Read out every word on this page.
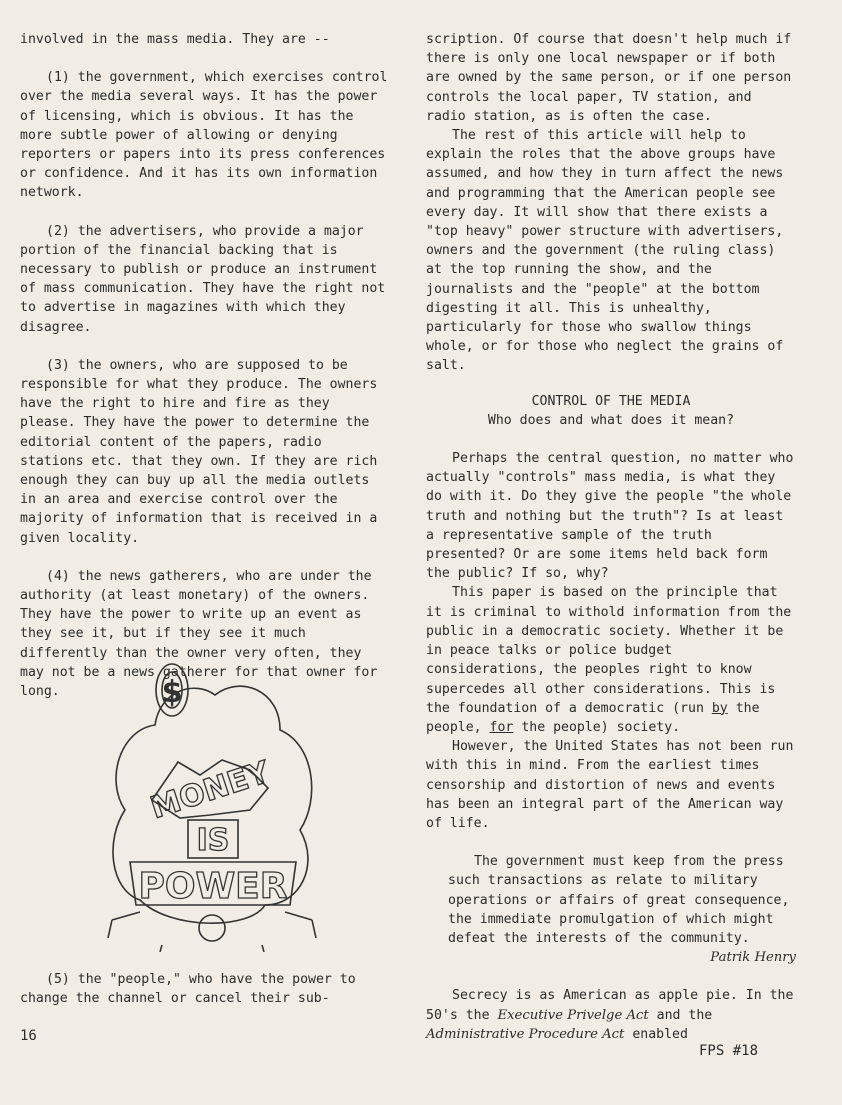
involved in the mass media. They are --

(1) the government, which exercises control over the media several ways. It has the power of licensing, which is obvious. It has the more subtle power of allowing or denying reporters or papers into its press conferences or confidence. And it has its own information network.

(2) the advertisers, who provide a major portion of the financial backing that is necessary to publish or produce an instrument of mass communication. They have the right not to advertise in magazines with which they disagree.

(3) the owners, who are supposed to be responsible for what they produce. The owners have the right to hire and fire as they please. They have the power to determine the editorial content of the papers, radio stations etc. that they own. If they are rich enough they can buy up all the media outlets in an area and exercise control over the majority of information that is received in a given locality.

(4) the news gatherers, who are under the authority (at least monetary) of the owners. They have the power to write up an event as they see it, but if they see it much differently than the owner very often, they may not be a news gatherer for that owner for long.	$
MONEY
IS
POWER

(5) the "people," who have the power to change the channel or cancel their sub-

scription. Of course that doesn't help much if there is only one local newspaper or if both are owned by the same person, or if one person controls the local paper, TV station, and radio station, as is often the case.

The rest of this article will help to explain the roles that the above groups have assumed, and how they in turn affect the news and programming that the American people see every day. It will show that there exists a "top heavy" power structure with advertisers, owners and the government (the ruling class) at the top running the show, and the journalists and the "people" at the bottom digesting it all. This is unhealthy, particularly for those who swallow things whole, or for those who neglect the grains of salt.

CONTROL OF THE MEDIA

Who does and what does it mean?

Perhaps the central question, no matter who actually "controls" mass media, is what they do with it. Do they give the people "the whole truth and nothing but the truth"? Is at least a representative sample of the truth presented? Or are some items held back form the public? If so, why?

This paper is based on the principle that it is criminal to withold information from the public in a democratic society. Whether it be in peace talks or police budget considerations, the peoples right to know supercedes all other considerations. This is the foundation of a democratic (run by the people, for the people) society.

However, the United States has not been run with this in mind. From the earliest times censorship and distortion of news and events has been an integral part of the American way of life.

The government must keep from the press such transactions as relate to military operations or affairs of great consequence, the immediate promulgation of which might defeat the interests of the community.

Patrik Henry

Secrecy is as American as apple pie. In the 50's the Executive Privelge Act and the Administrative Procedure Act enabled

16
FPS #18
